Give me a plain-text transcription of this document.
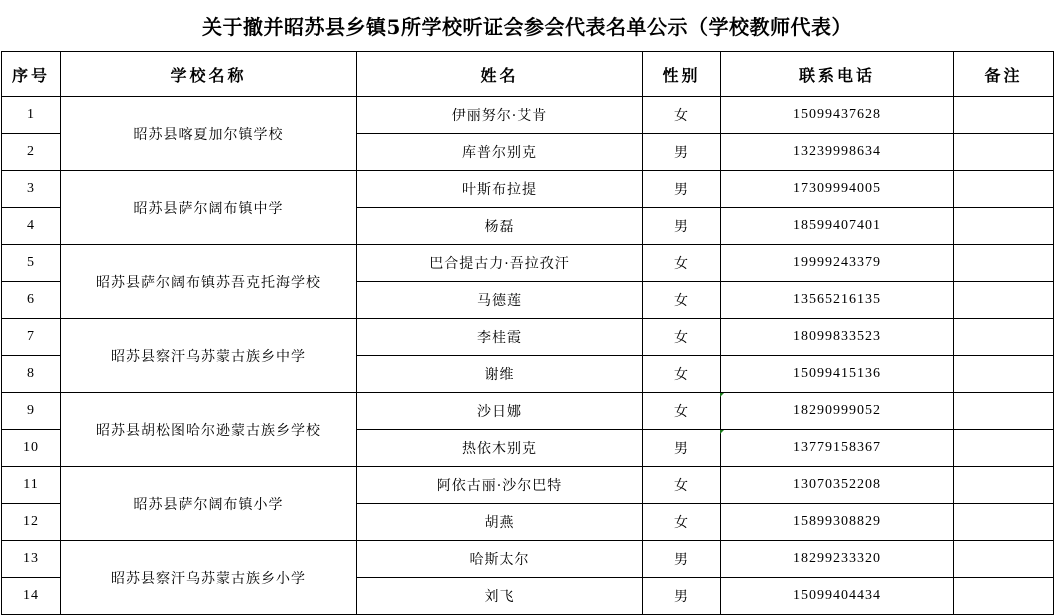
关于撤并昭苏县乡镇5所学校听证会参会代表名单公示（学校教师代表）
序号	学校名称	姓名	性别	联系电话	备注
1	昭苏县喀夏加尔镇学校	伊丽努尔·艾肯	女	15099437628	
2		库普尔别克	男	13239998634	
3	昭苏县萨尔阔布镇中学	叶斯布拉提	男	17309994005	
4		杨磊	男	18599407401	
5	昭苏县萨尔阔布镇苏吾克托海学校	巴合提古力·吾拉孜汗	女	19999243379	
6		马德莲	女	13565216135	
7	昭苏县察汗乌苏蒙古族乡中学	李桂霞	女	18099833523	
8		谢维	女	15099415136	
9	昭苏县胡松图哈尔逊蒙古族乡学校	沙日娜	女	18290999052	
10		热依木别克	男	13779158367	
11	昭苏县萨尔阔布镇小学	阿依古丽·沙尔巴特	女	13070352208	
12		胡燕	女	15899308829	
13	昭苏县察汗乌苏蒙古族乡小学	哈斯太尔	男	18299233320	
14		刘飞	男	15099404434	
